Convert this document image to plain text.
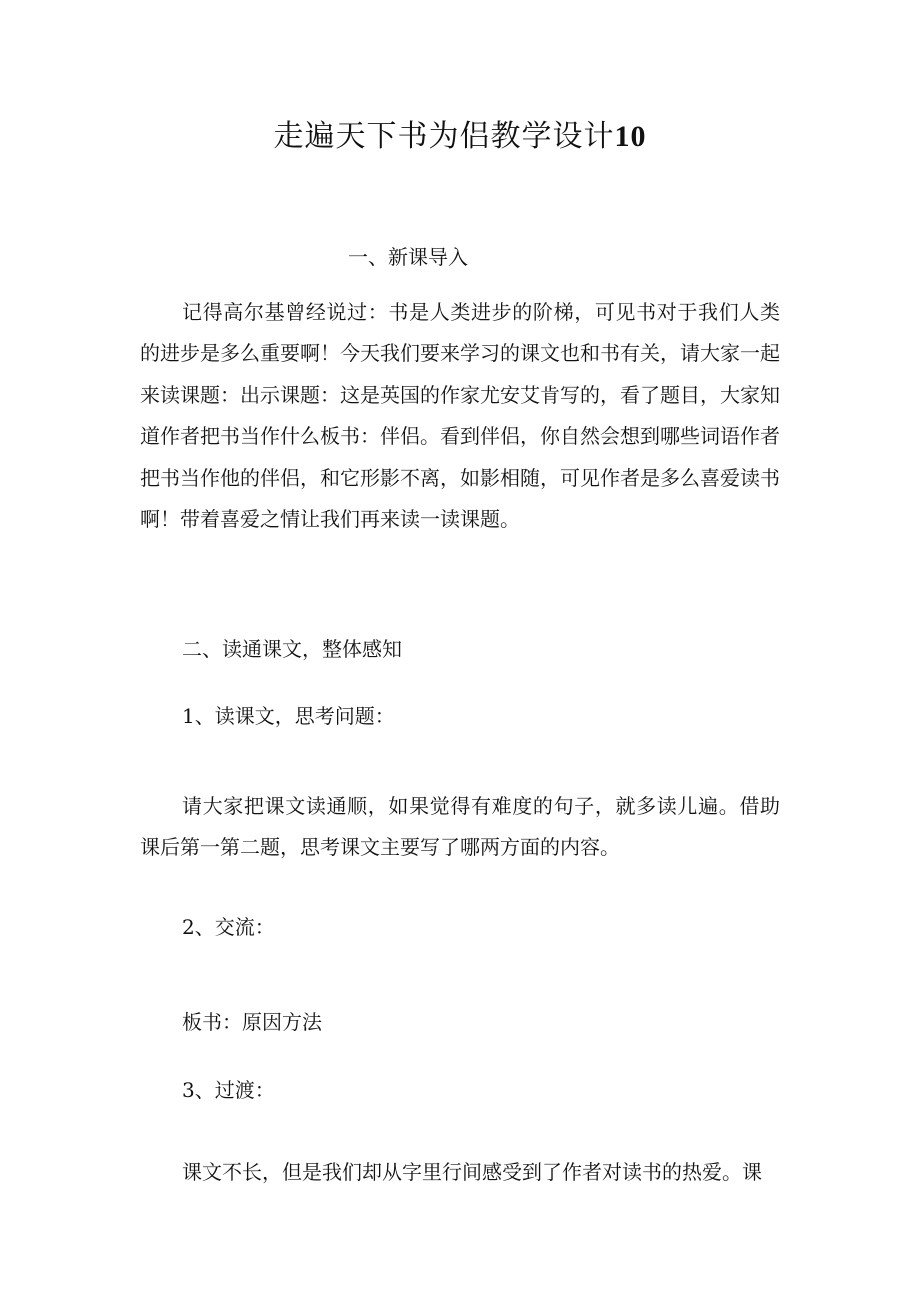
走遍天下书为侣教学设计10

一、新课导入

记得高尔基曾经说过：书是人类进步的阶梯，可见书对于我们人类的进步是多么重要啊！今天我们要来学习的课文也和书有关，请大家一起来读课题：出示课题：这是英国的作家尤安艾肯写的，看了题目，大家知道作者把书当作什么板书：伴侣。看到伴侣，你自然会想到哪些词语作者把书当作他的伴侣，和它形影不离，如影相随，可见作者是多么喜爱读书啊！带着喜爱之情让我们再来读一读课题。

二、读通课文，整体感知

1、读课文，思考问题：

请大家把课文读通顺，如果觉得有难度的句子，就多读儿遍。借助课后第一第二题，思考课文主要写了哪两方面的内容。

2、交流：

板书：原因方法

3、过渡：

课文不长，但是我们却从字里行间感受到了作者对读书的热爱。课
